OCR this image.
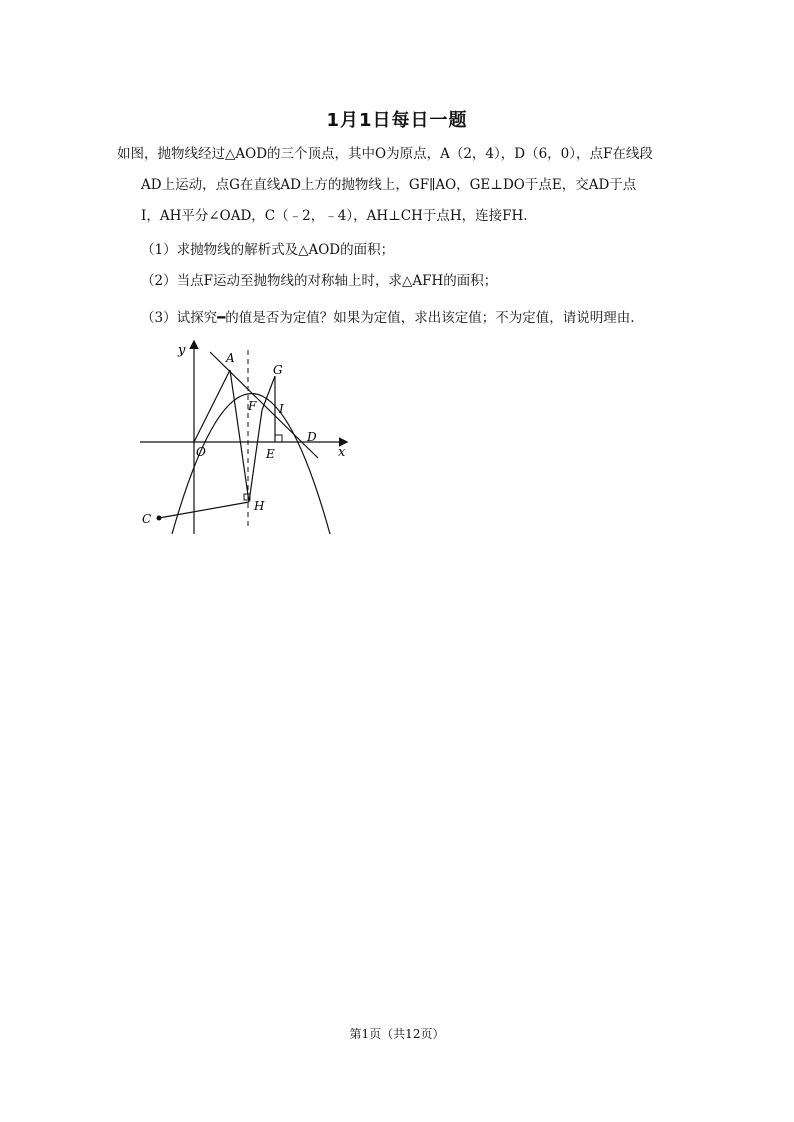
1月1日每日一题
如图，抛物线经过△AOD的三个顶点，其中O为原点，A（2，4），D（6，0），点F在线段
AD上运动，点G在直线AD上方的抛物线上，GF∥AO，GE⊥DO于点E，交AD于点
I，AH平分∠OAD，C（﹣2，﹣4），AH⊥CH于点H，连接FH.
（1）求抛物线的解析式及△AOD的面积；
（2）当点F运动至抛物线的对称轴上时，求△AFH的面积；
（3）试探究━的值是否为定值？如果为定值，求出该定值；不为定值，请说明理由.
y
x
O
A
G
F I
E
D
H
C
第1页（共12页）
